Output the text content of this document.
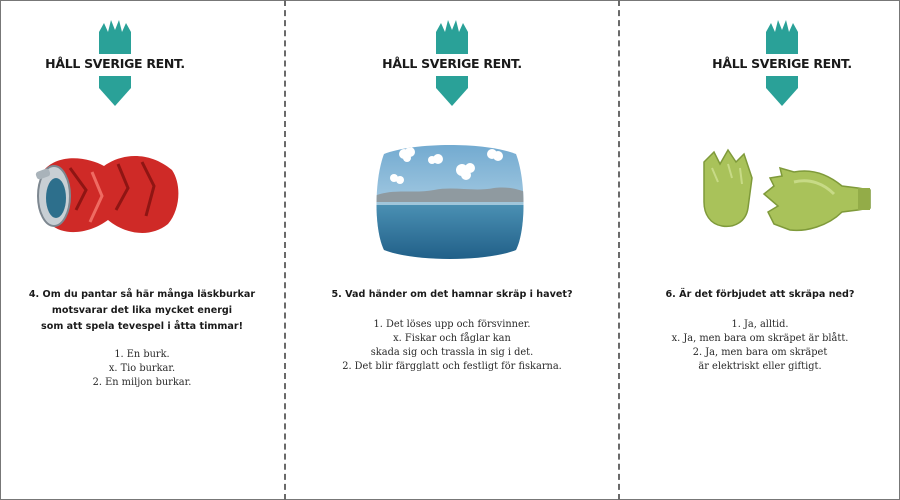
HÅLL SVERIGE RENT.
4. Om du pantar så här många läskburkar
motsvarar det lika mycket energi
som att spela tevespel i åtta timmar!
1. En burk.
x. Tio burkar.
2. En miljon burkar.
HÅLL SVERIGE RENT.
5. Vad händer om det hamnar skräp i havet?
1. Det löses upp och försvinner.
x. Fiskar och fåglar kan
skada sig och trassla in sig i det.
2. Det blir färgglatt och festligt för fiskarna.
HÅLL SVERIGE RENT.
6. Är det förbjudet att skräpa ned?
1. Ja, alltid.
x. Ja, men bara om skräpet är blått.
2. Ja, men bara om skräpet
är elektriskt eller giftigt.
